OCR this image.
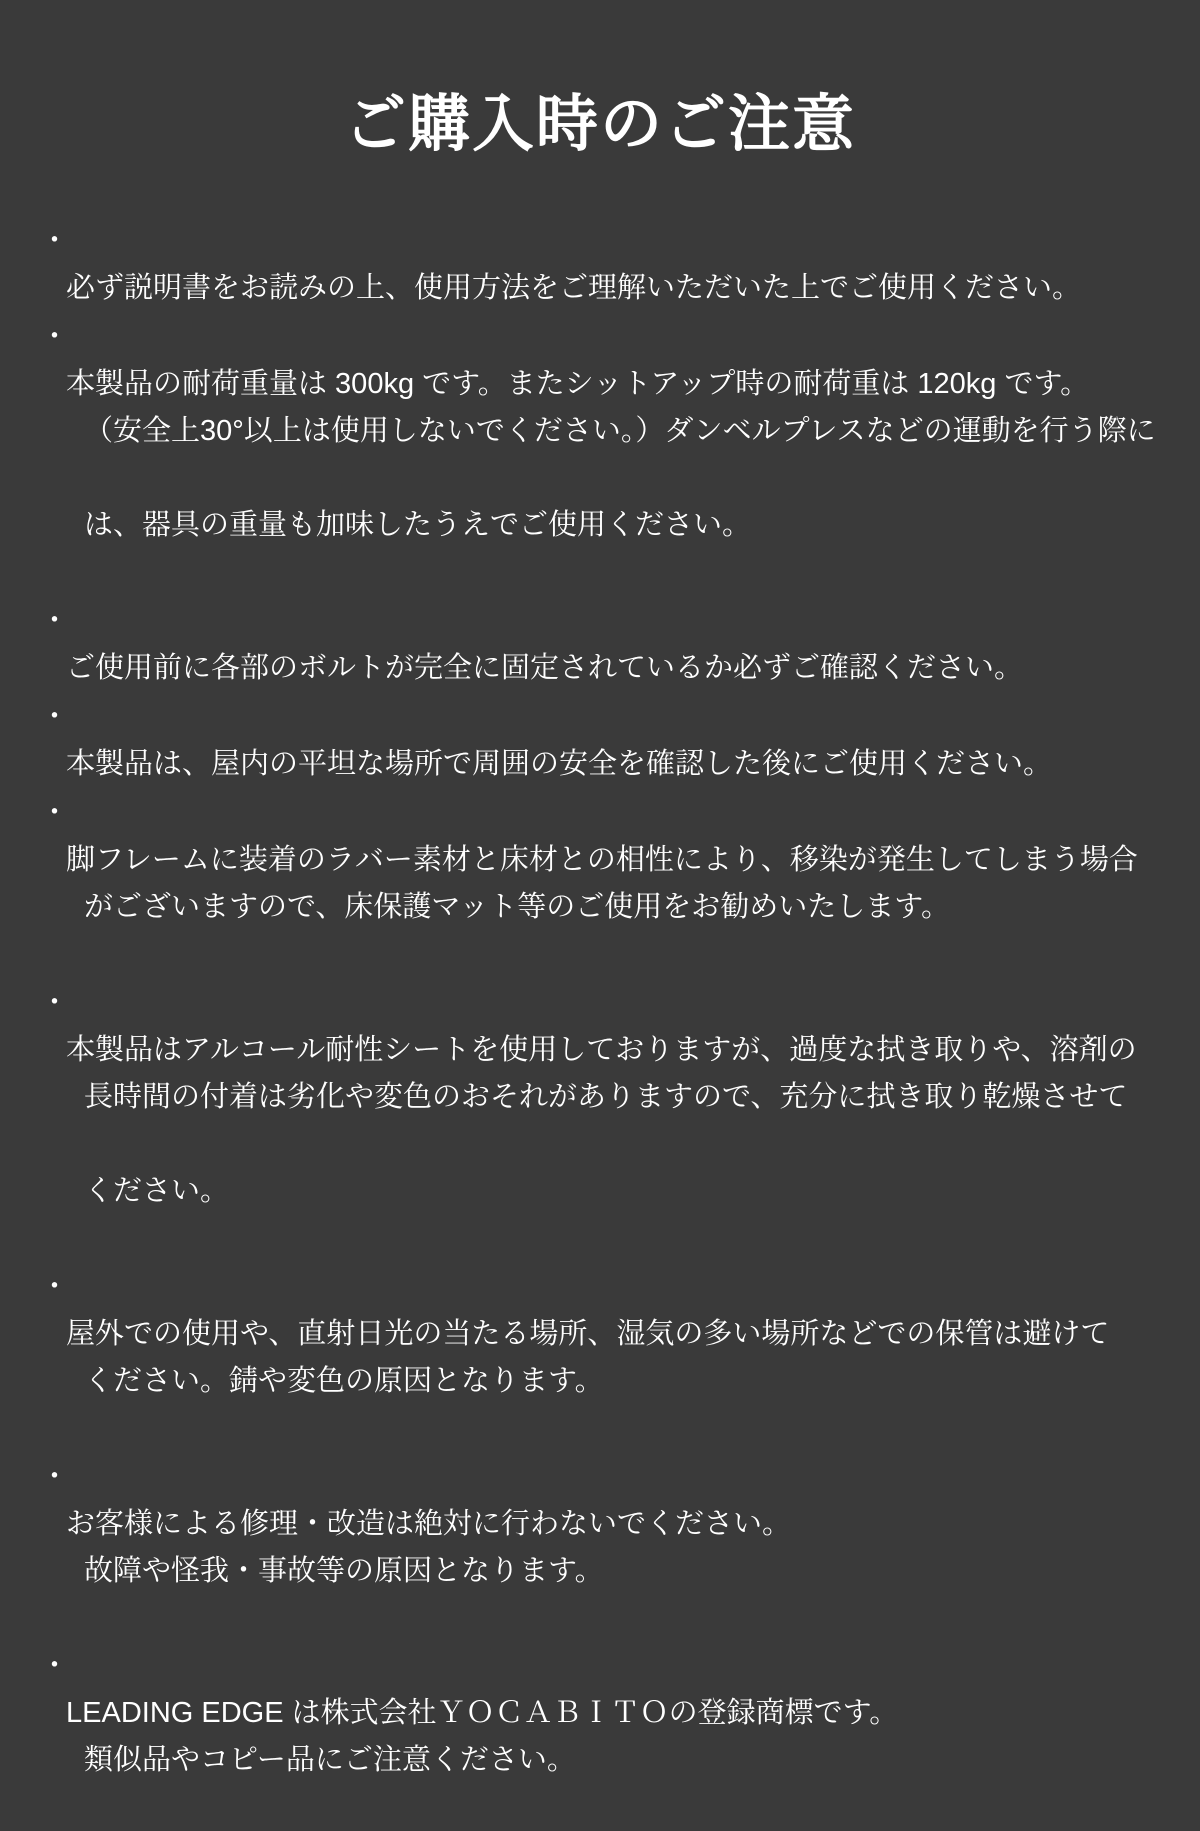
ご購入時のご注意
・

必ず説明書をお読みの上、使用方法をご理解いただいた上でご使用ください。

・

本製品の耐荷重量は 300kg です。またシットアップ時の耐荷重は 120kg です。

（安全上30°以上は使用しないでください。）ダンベルプレスなどの運動を行う際に

は、器具の重量も加味したうえでご使用ください。

・

ご使用前に各部のボルトが完全に固定されているか必ずご確認ください。

・

本製品は、屋内の平坦な場所で周囲の安全を確認した後にご使用ください。

・

脚フレームに装着のラバー素材と床材との相性により、移染が発生してしまう場合

がございますので、床保護マット等のご使用をお勧めいたします。

・

本製品はアルコール耐性シートを使用しておりますが、過度な拭き取りや、溶剤の

長時間の付着は劣化や変色のおそれがありますので、充分に拭き取り乾燥させて

ください。

・

屋外での使用や、直射日光の当たる場所、湿気の多い場所などでの保管は避けて

ください。錆や変色の原因となります。

・

お客様による修理・改造は絶対に行わないでください。

故障や怪我・事故等の原因となります。

・

LEADING EDGE は株式会社ＹＯＣＡＢＩＴＯの登録商標です。

類似品やコピー品にご注意ください。
